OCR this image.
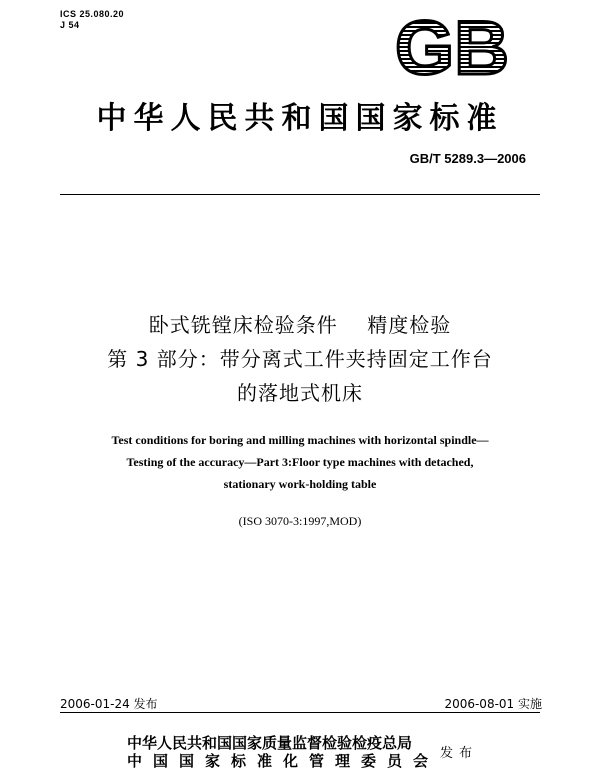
ICS 25.080.20
J 54	GB
中华人民共和国国家标准
GB/T 5289.3—2006
卧式铣镗床检验条件    精度检验
第 3 部分：带分离式工件夹持固定工作台
的落地式机床
Test conditions for boring and milling machines with horizontal spindle—
Testing of the accuracy—Part 3:Floor type machines with detached,
stationary work-holding table
(ISO 3070-3:1997,MOD)
2006-01-24 发布	2006-08-01 实施
中华人民共和国国家质量监督检验检疫总局
中国国家标准化管理委员会 发布
